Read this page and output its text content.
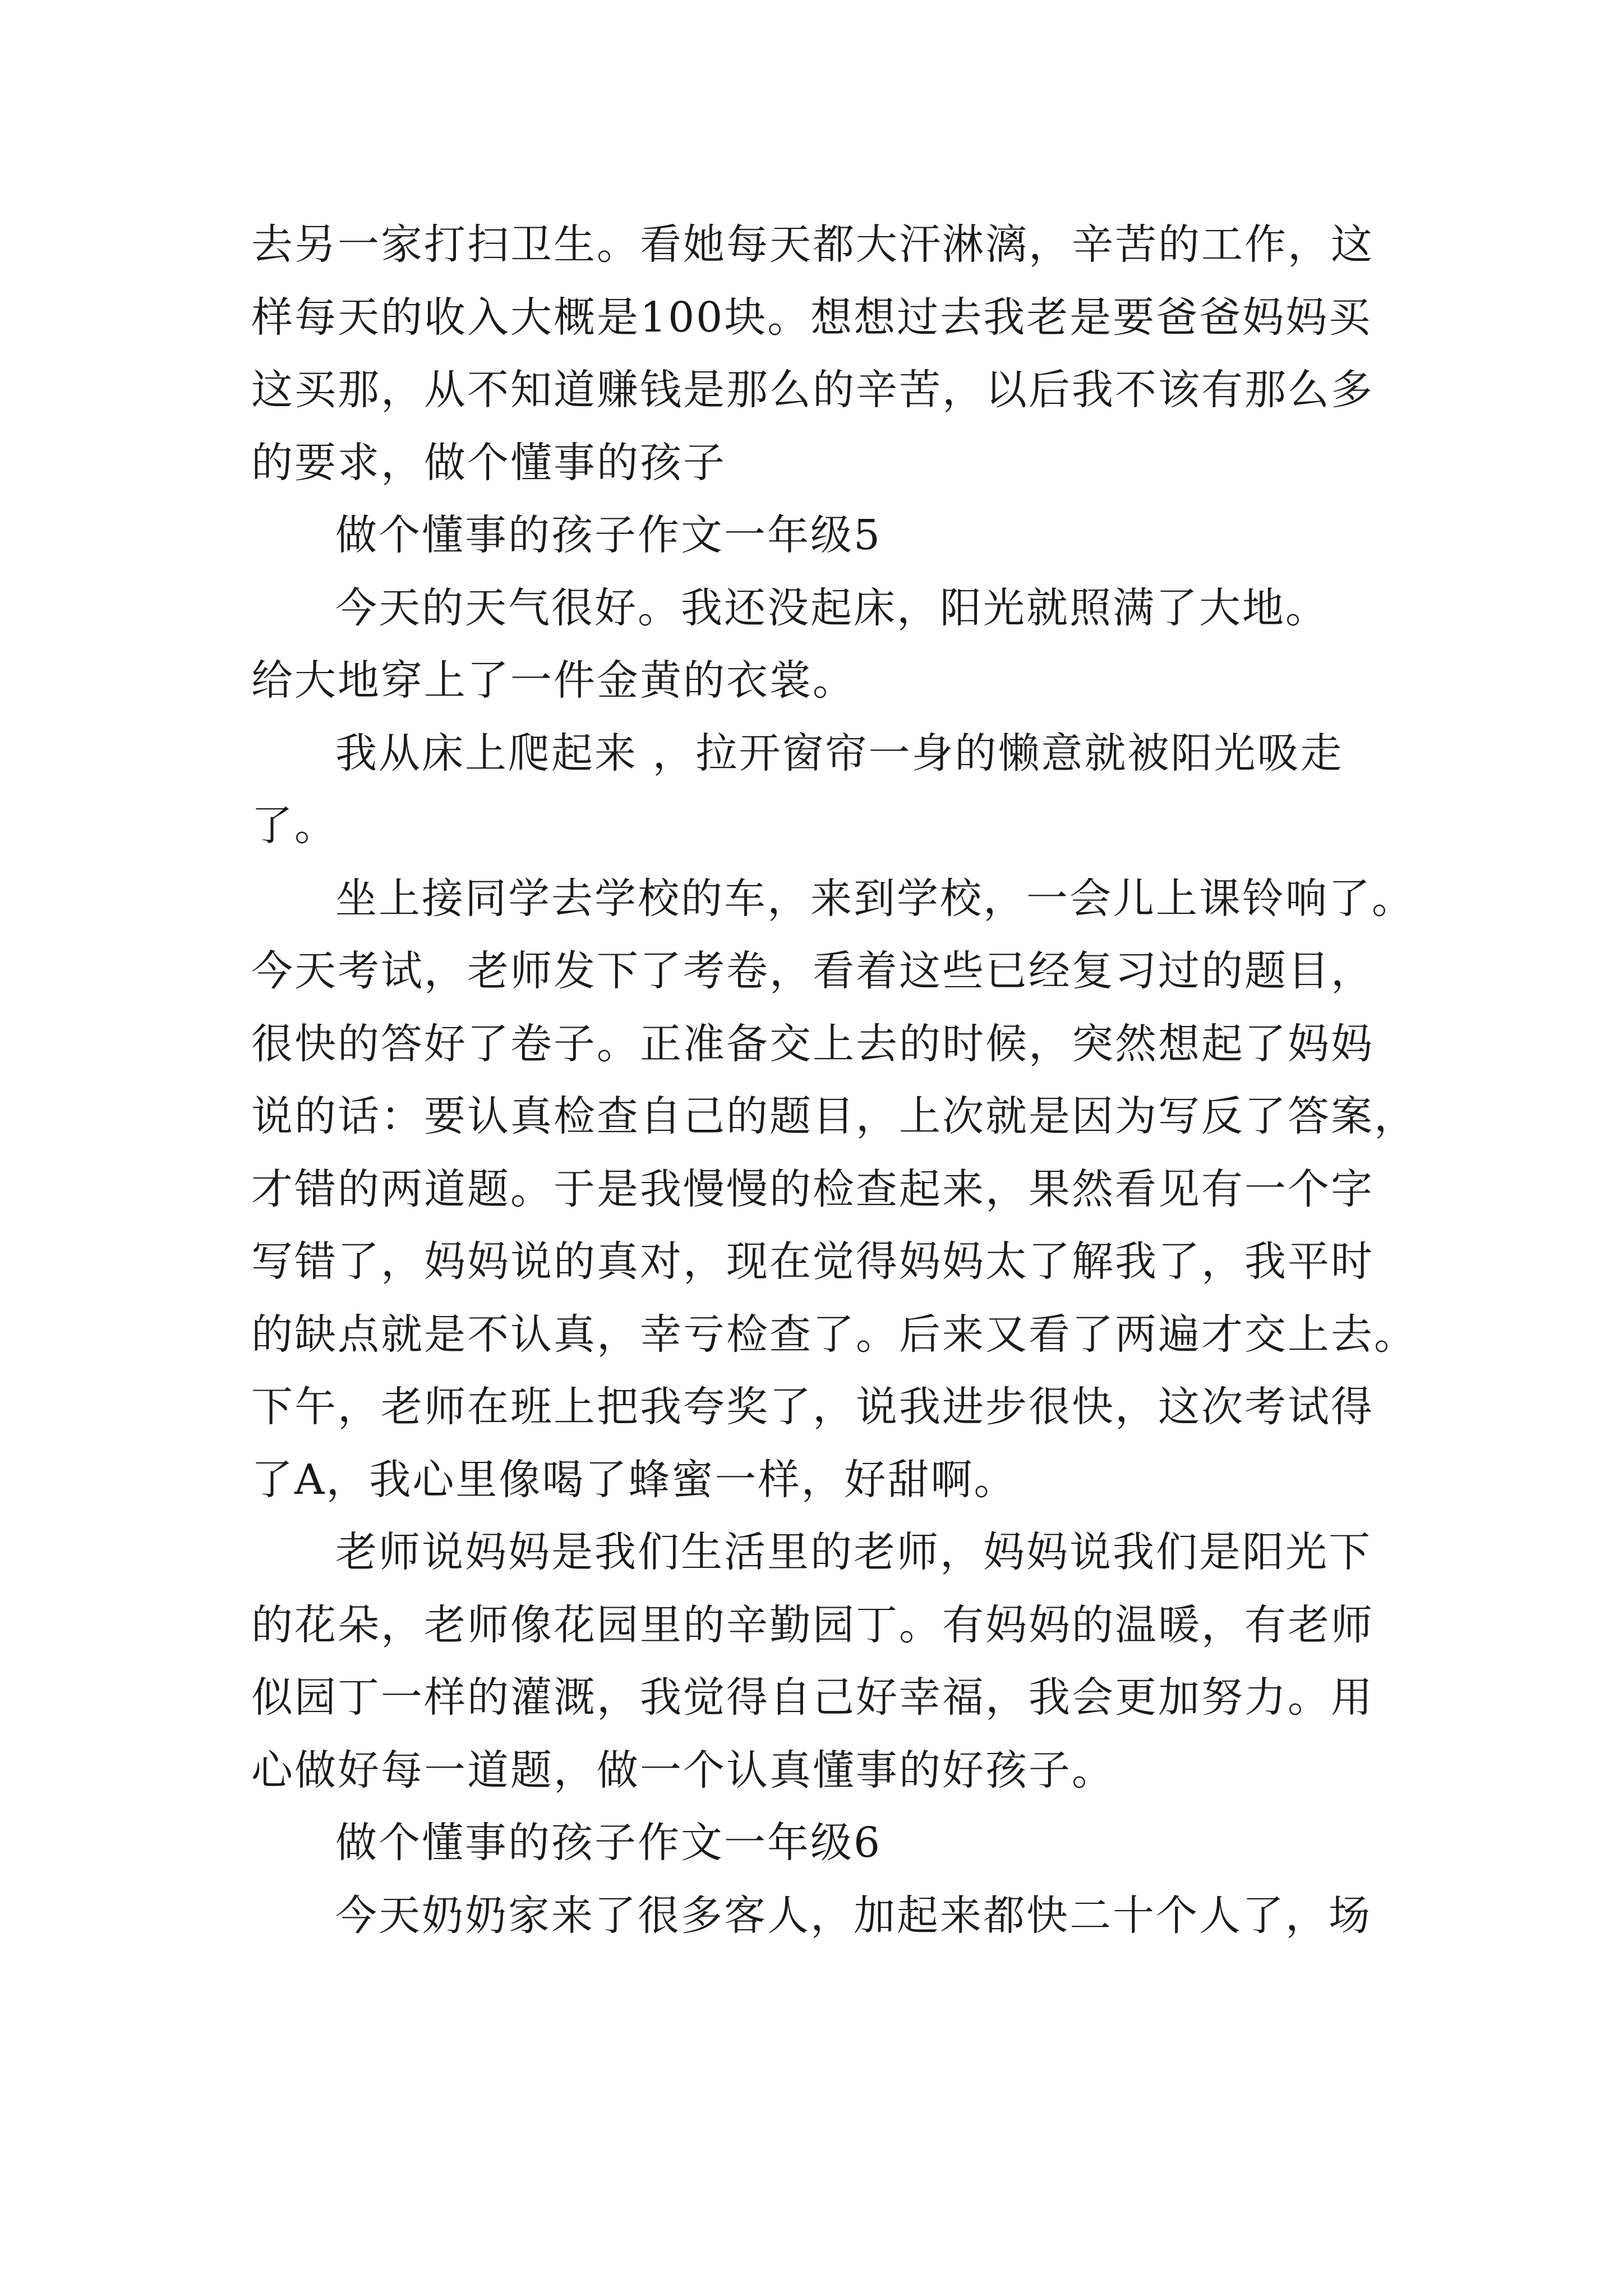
去另一家打扫卫生。看她每天都大汗淋漓，辛苦的工作，这
样每天的收入大概是100块。想想过去我老是要爸爸妈妈买
这买那，从不知道赚钱是那么的辛苦，以后我不该有那么多
的要求，做个懂事的孩子
做个懂事的孩子作文一年级5
今天的天气很好。我还没起床，阳光就照满了大地。
给大地穿上了一件金黄的衣裳。
我从床上爬起来 ，拉开窗帘一身的懒意就被阳光吸走
了。
坐上接同学去学校的车，来到学校，一会儿上课铃响了。
今天考试，老师发下了考卷，看着这些已经复习过的题目，
很快的答好了卷子。正准备交上去的时候，突然想起了妈妈
说的话：要认真检查自己的题目，上次就是因为写反了答案，
才错的两道题。于是我慢慢的检查起来，果然看见有一个字
写错了，妈妈说的真对，现在觉得妈妈太了解我了，我平时
的缺点就是不认真，幸亏检查了。后来又看了两遍才交上去。
下午，老师在班上把我夸奖了，说我进步很快，这次考试得
了A，我心里像喝了蜂蜜一样，好甜啊。
老师说妈妈是我们生活里的老师，妈妈说我们是阳光下
的花朵，老师像花园里的辛勤园丁。有妈妈的温暖，有老师
似园丁一样的灌溉，我觉得自己好幸福，我会更加努力。用
心做好每一道题，做一个认真懂事的好孩子。
做个懂事的孩子作文一年级6
今天奶奶家来了很多客人，加起来都快二十个人了，场
